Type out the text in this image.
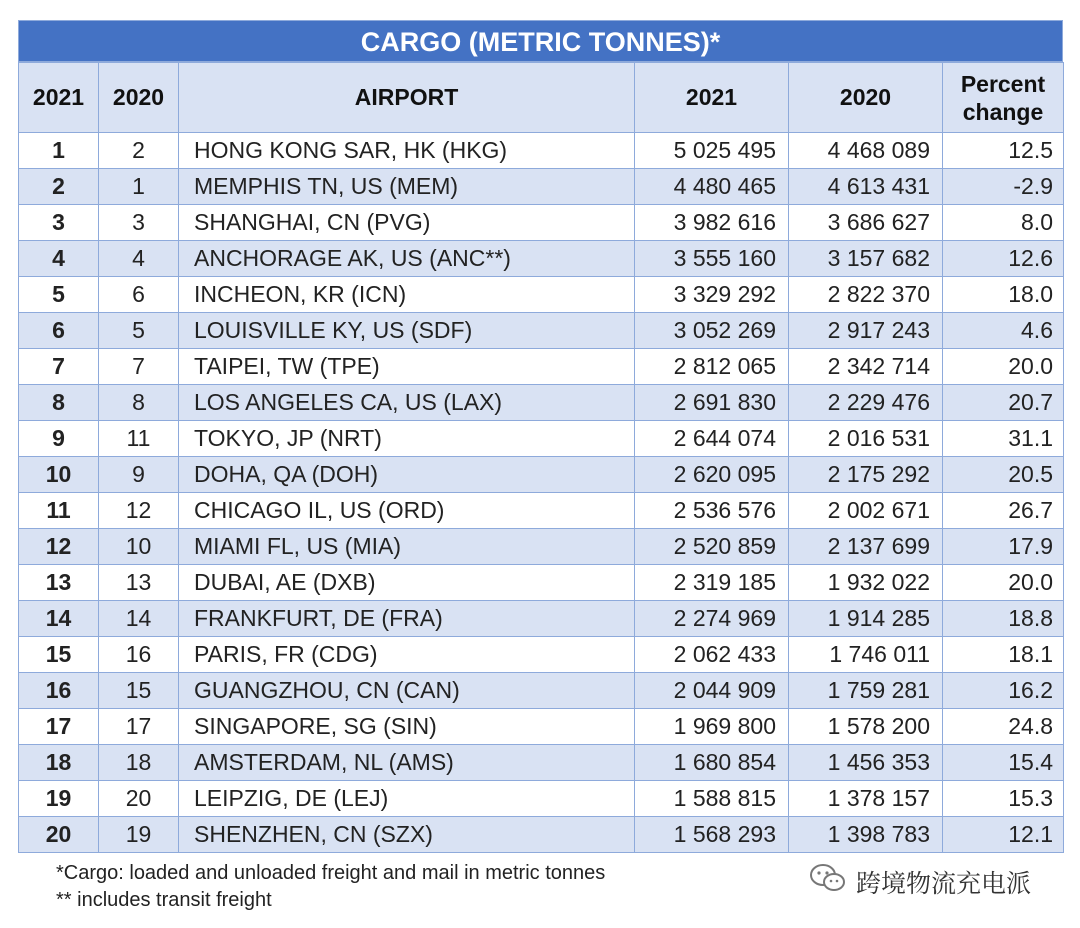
CARGO (METRIC TONNES)*
2021	2020	AIRPORT	2021	2020	Percent change
1	2	HONG KONG SAR, HK (HKG)	5 025 495	4 468 089	12.5
2	1	MEMPHIS TN, US (MEM)	4 480 465	4 613 431	-2.9
3	3	SHANGHAI, CN (PVG)	3 982 616	3 686 627	8.0
4	4	ANCHORAGE AK, US (ANC**)	3 555 160	3 157 682	12.6
5	6	INCHEON, KR (ICN)	3 329 292	2 822 370	18.0
6	5	LOUISVILLE KY, US (SDF)	3 052 269	2 917 243	4.6
7	7	TAIPEI, TW (TPE)	2 812 065	2 342 714	20.0
8	8	LOS ANGELES CA, US (LAX)	2 691 830	2 229 476	20.7
9	11	TOKYO, JP (NRT)	2 644 074	2 016 531	31.1
10	9	DOHA, QA (DOH)	2 620 095	2 175 292	20.5
11	12	CHICAGO IL, US (ORD)	2 536 576	2 002 671	26.7
12	10	MIAMI FL, US (MIA)	2 520 859	2 137 699	17.9
13	13	DUBAI, AE (DXB)	2 319 185	1 932 022	20.0
14	14	FRANKFURT, DE (FRA)	2 274 969	1 914 285	18.8
15	16	PARIS, FR (CDG)	2 062 433	1 746 011	18.1
16	15	GUANGZHOU, CN (CAN)	2 044 909	1 759 281	16.2
17	17	SINGAPORE, SG (SIN)	1 969 800	1 578 200	24.8
18	18	AMSTERDAM, NL (AMS)	1 680 854	1 456 353	15.4
19	20	LEIPZIG, DE (LEJ)	1 588 815	1 378 157	15.3
20	19	SHENZHEN, CN (SZX)	1 568 293	1 398 783	12.1
*Cargo: loaded and unloaded freight and mail in metric tonnes
** includes transit freight
跨境物流充电派
